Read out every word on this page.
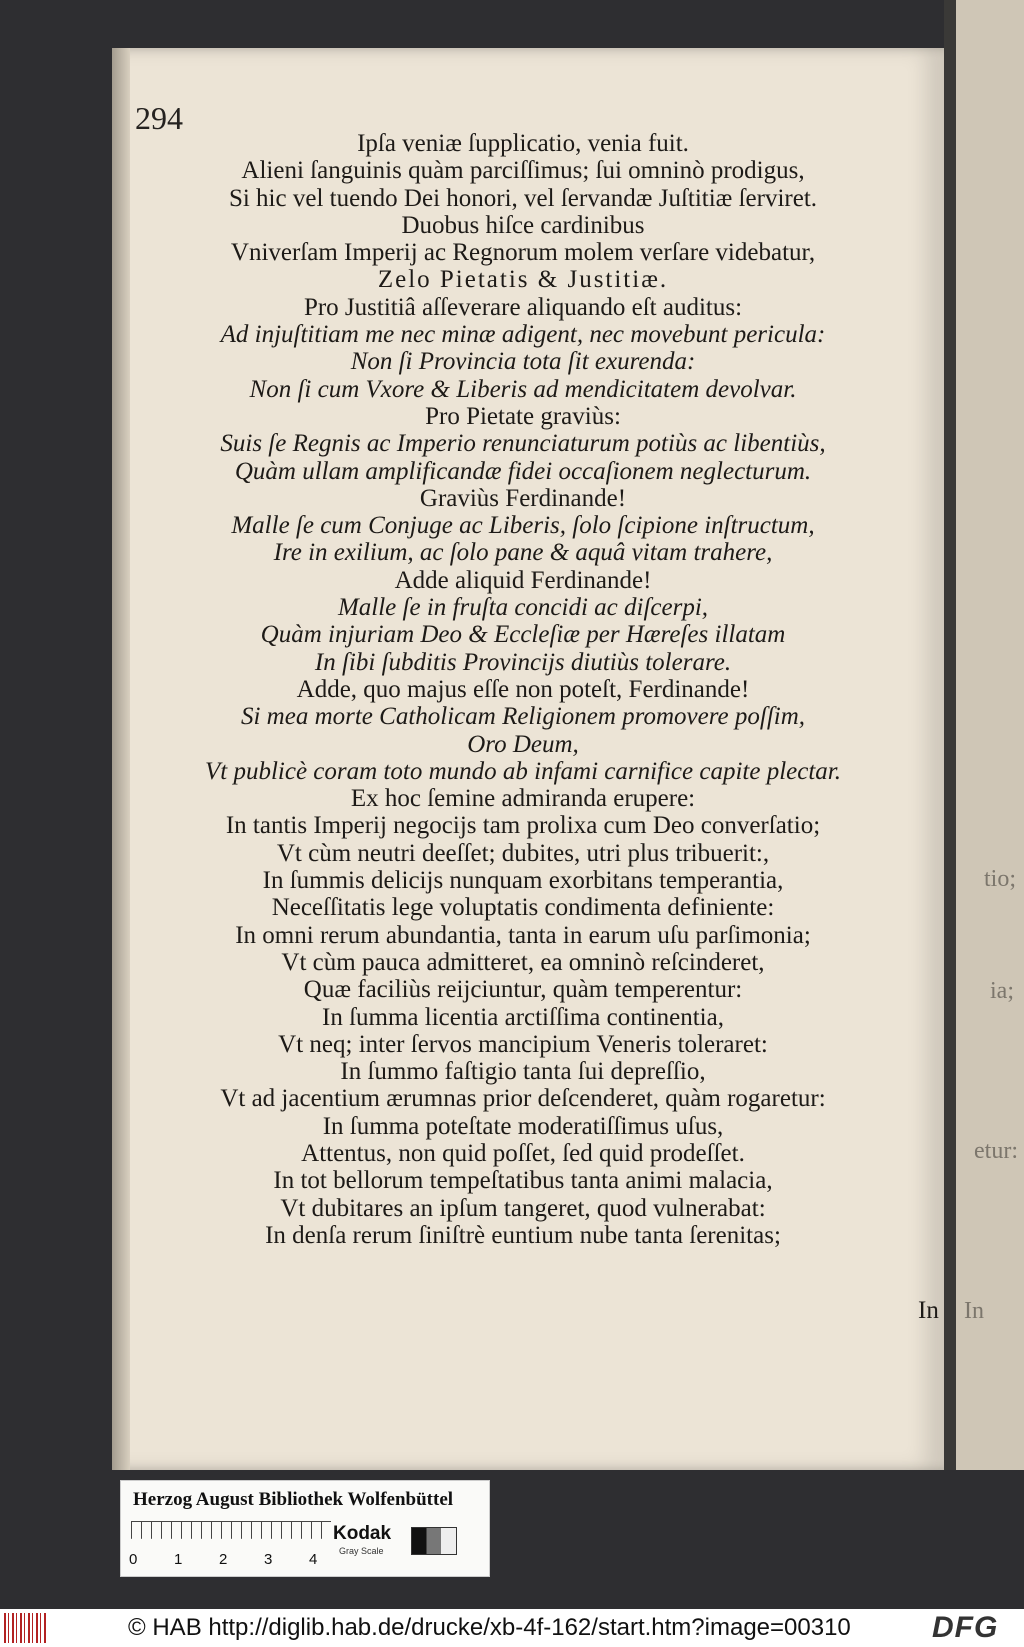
tio;
ia;
etur:
In
294
Ipſa veniæ ſupplicatio, venia fuit.
Alieni ſanguinis quàm parciſſimus; ſui omninò prodigus,
Si hic vel tuendo Dei honori, vel ſervandæ Juſtitiæ ſerviret.
Duobus hiſce cardinibus
Vniverſam Imperij ac Regnorum molem verſare videbatur,
Zelo Pietatis & Justitiæ.
Pro Justitiâ aſſeverare aliquando eſt auditus:
Ad injuſtitiam me nec minæ adigent, nec movebunt pericula:
Non ſi Provincia tota ſit exurenda:
Non ſi cum Vxore & Liberis ad mendicitatem devolvar.
Pro Pietate graviùs:
Suis ſe Regnis ac Imperio renunciaturum potiùs ac libentiùs,
Quàm ullam amplificandæ fidei occaſionem neglecturum.
Graviùs Ferdinande!
Malle ſe cum Conjuge ac Liberis, ſolo ſcipione inſtructum,
Ire in exilium, ac ſolo pane & aquâ vitam trahere,
Adde aliquid Ferdinande!
Malle ſe in fruſta concidi ac diſcerpi,
Quàm injuriam Deo & Eccleſiæ per Hæreſes illatam
In ſibi ſubditis Provincijs diutiùs tolerare.
Adde, quo majus eſſe non poteſt, Ferdinande!
Si mea morte Catholicam Religionem promovere poſſim,
Oro Deum,
Vt publicè coram toto mundo ab infami carnifice capite plectar.
Ex hoc ſemine admiranda erupere:
In tantis Imperij negocijs tam prolixa cum Deo converſatio;
Vt cùm neutri deeſſet; dubites, utri plus tribuerit:,
In ſummis delicijs nunquam exorbitans temperantia,
Neceſſitatis lege voluptatis condimenta definiente:
In omni rerum abundantia, tanta in earum uſu parſimonia;
Vt cùm pauca admitteret, ea omninò reſcinderet,
Quæ faciliùs reijciuntur, quàm temperentur:
In ſumma licentia arctiſſima continentia,
Vt neq; inter ſervos mancipium Veneris toleraret:
In ſummo faſtigio tanta ſui depreſſio,
Vt ad jacentium ærumnas prior deſcenderet, quàm rogaretur:
In ſumma poteſtate moderatiſſimus uſus,
Attentus, non quid poſſet, ſed quid prodeſſet.
In tot bellorum tempeſtatibus tanta animi malacia,
Vt dubitares an ipſum tangeret, quod vulnerabat:
In denſa rerum ſiniſtrè euntium nube tanta ſerenitas;
In
Herzog August Bibliothek Wolfenbüttel
0 1 2 3 4
Kodak
Gray Scale
© HAB http://diglib.hab.de/drucke/xb-4f-162/start.htm?image=00310	DFG
